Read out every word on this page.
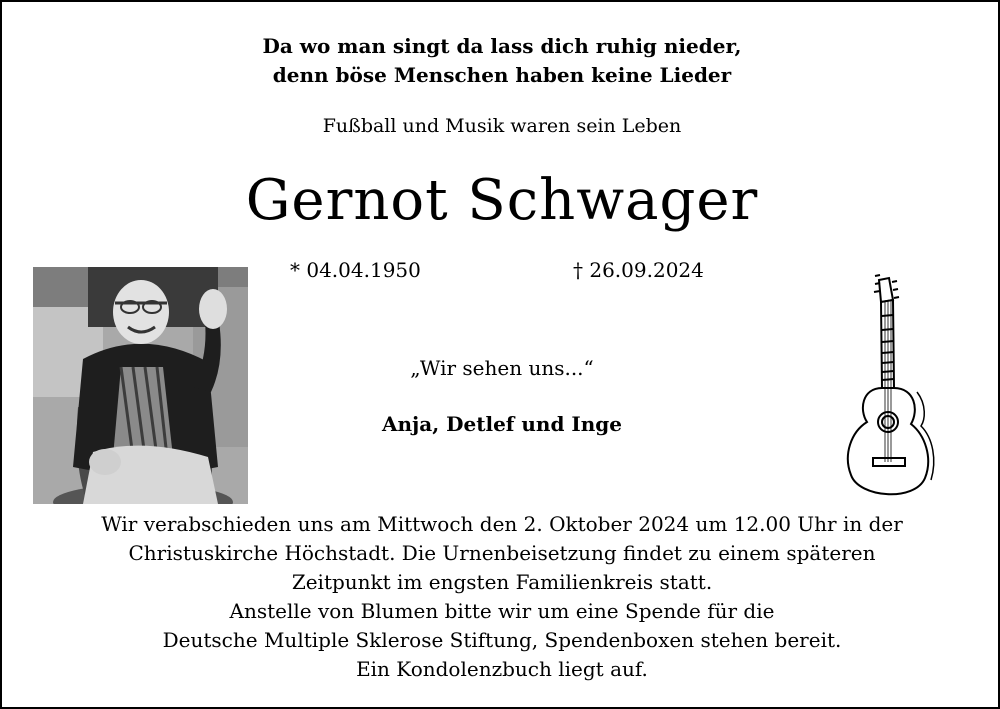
Da wo man singt da lass dich ruhig nieder,
denn böse Menschen haben keine Lieder
Fußball und Musik waren sein Leben
Gernot Schwager
* 04.04.1950	† 26.09.2024
„Wir sehen uns...“
Anja, Detlef und Inge
Wir verabschieden uns am Mittwoch den 2. Oktober 2024 um 12.00 Uhr in der
Christuskirche Höchstadt. Die Urnenbeisetzung findet zu einem späteren
Zeitpunkt im engsten Familienkreis statt.
Anstelle von Blumen bitte wir um eine Spende für die
Deutsche Multiple Sklerose Stiftung, Spendenboxen stehen bereit.
Ein Kondolenzbuch liegt auf.
